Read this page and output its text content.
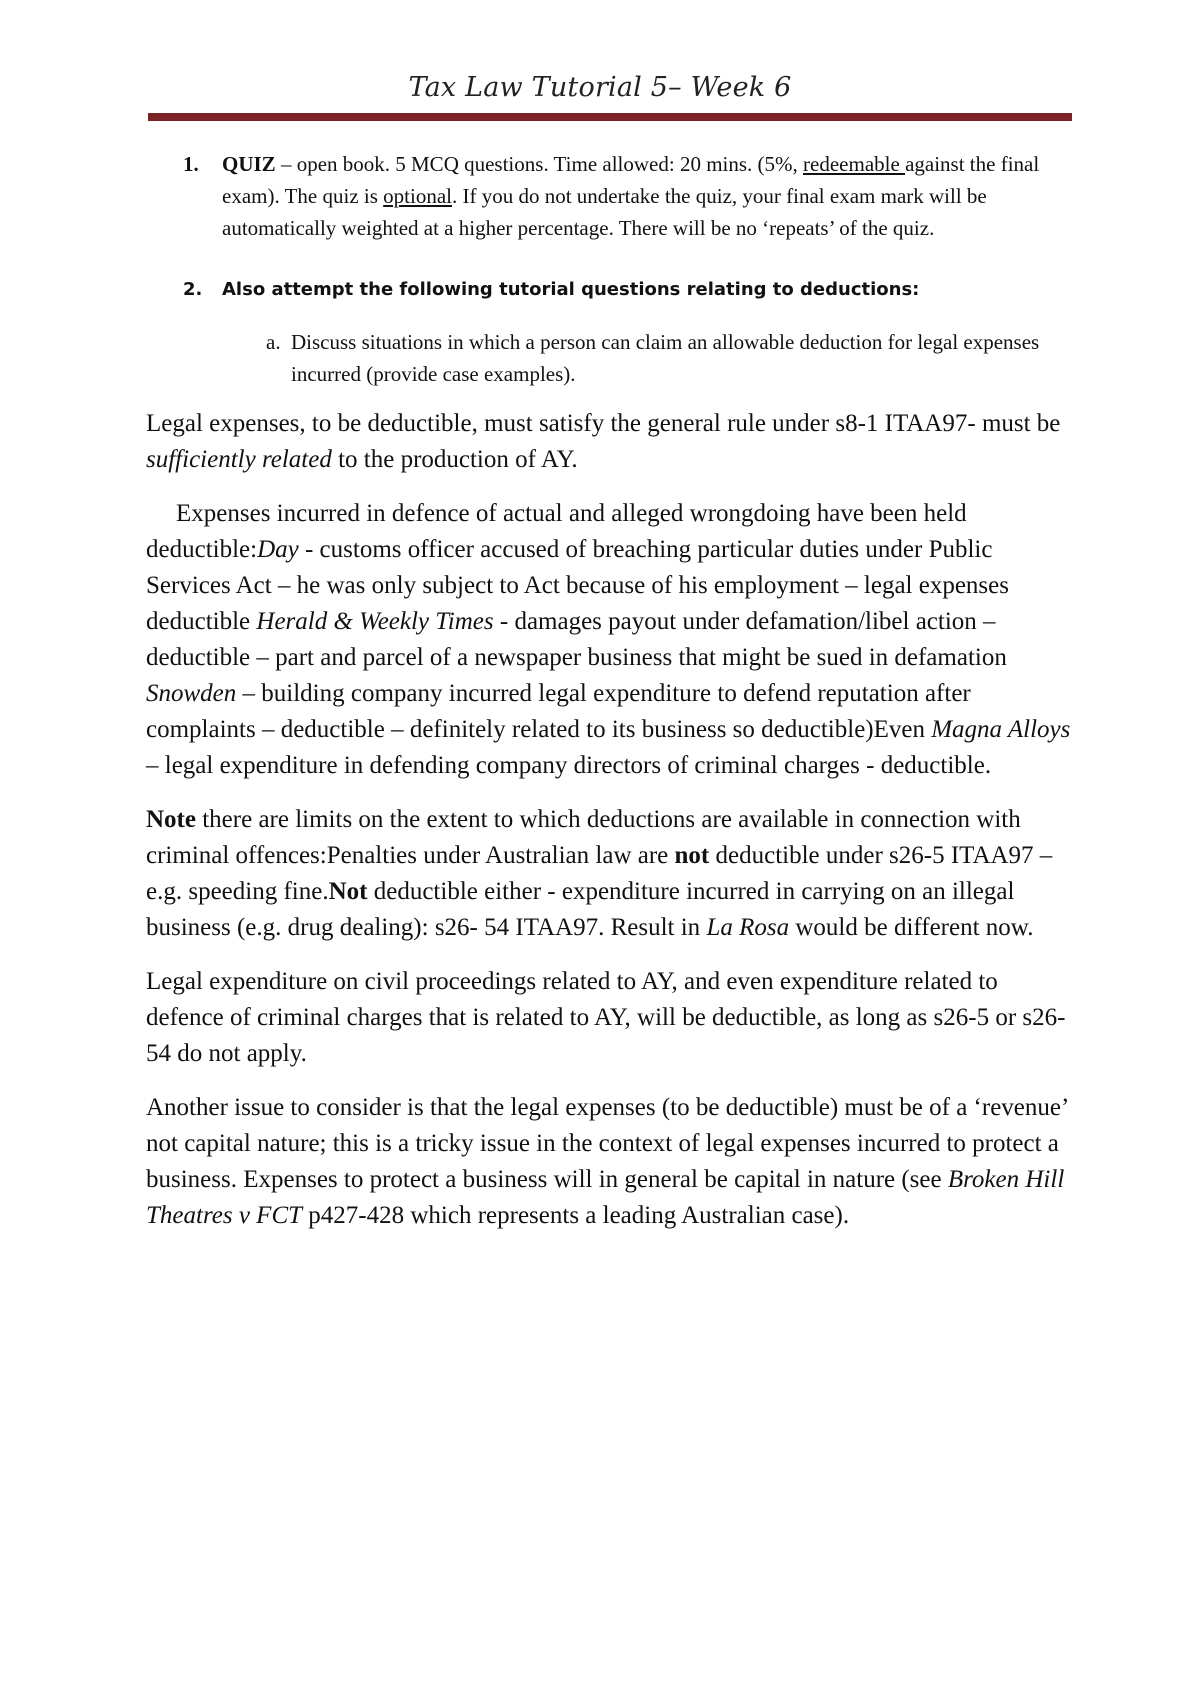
Tax Law Tutorial 5– Week 6
1. QUIZ – open book. 5 MCQ questions. Time allowed: 20 mins. (5%, redeemable against the final exam). The quiz is optional. If you do not undertake the quiz, your final exam mark will be automatically weighted at a higher percentage. There will be no ‘repeats’ of the quiz.
2. Also attempt the following tutorial questions relating to deductions:
a. Discuss situations in which a person can claim an allowable deduction for legal expenses incurred (provide case examples).

Legal expenses, to be deductible, must satisfy the general rule under s8-1 ITAA97- must be sufficiently related to the production of AY.

Expenses incurred in defence of actual and alleged wrongdoing have been held deductible:Day - customs officer accused of breaching particular duties under Public Services Act – he was only subject to Act because of his employment – legal expenses deductible Herald & Weekly Times - damages payout under defamation/libel action – deductible – part and parcel of a newspaper business that might be sued in defamation Snowden – building company incurred legal expenditure to defend reputation after complaints – deductible – definitely related to its business so deductible)Even Magna Alloys – legal expenditure in defending company directors of criminal charges - deductible.

Note there are limits on the extent to which deductions are available in connection with criminal offences:Penalties under Australian law are not deductible under s26-5 ITAA97 – e.g. speeding fine.Not deductible either - expenditure incurred in carrying on an illegal business (e.g. drug dealing): s26- 54 ITAA97. Result in La Rosa would be different now.

Legal expenditure on civil proceedings related to AY, and even expenditure related to defence of criminal charges that is related to AY, will be deductible, as long as s26-5 or s26-54 do not apply.

Another issue to consider is that the legal expenses (to be deductible) must be of a ‘revenue’ not capital nature; this is a tricky issue in the context of legal expenses incurred to protect a business. Expenses to protect a business will in general be capital in nature (see Broken Hill Theatres v FCT p427-428 which represents a leading Australian case).
